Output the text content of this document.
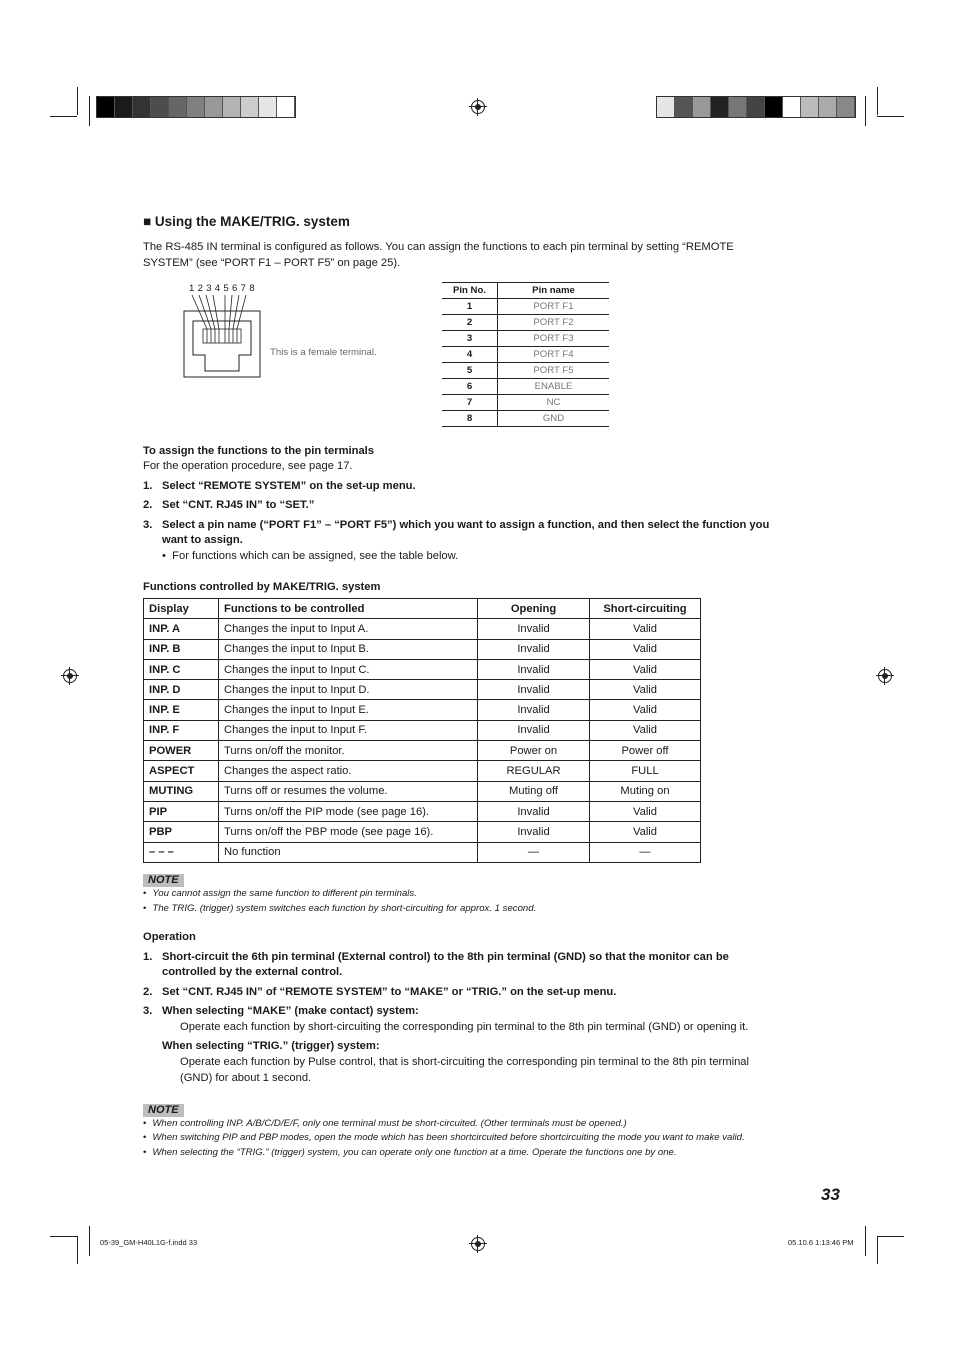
■ Using the MAKE/TRIG. system
The RS-485 IN terminal is configured as follows. You can assign the functions to each pin terminal by setting “REMOTE
SYSTEM” (see “PORT F1 – PORT F5” on page 25).
1 2 3 4 5 6 7 8
This is a female terminal.
Pin No.	Pin name
1	PORT F1
2	PORT F2
3	PORT F3
4	PORT F4
5	PORT F5
6	ENABLE
7	NC
8	GND
To assign the functions to the pin terminals
For the operation procedure, see page 17.
1. Select “REMOTE SYSTEM” on the set-up menu.
2. Set “CNT. RJ45 IN” to “SET.”
3. Select a pin name (“PORT F1” – “PORT F5”) which you want to assign a function, and then select the function you
want to assign.
•  For functions which can be assigned, see the table below.
Functions controlled by MAKE/TRIG. system
Display	Functions to be controlled	Opening	Short-circuiting
INP. A	Changes the input to Input A.	Invalid	Valid
INP. B	Changes the input to Input B.	Invalid	Valid
INP. C	Changes the input to Input C.	Invalid	Valid
INP. D	Changes the input to Input D.	Invalid	Valid
INP. E	Changes the input to Input E.	Invalid	Valid
INP. F	Changes the input to Input F.	Invalid	Valid
POWER	Turns on/off the monitor.	Power on	Power off
ASPECT	Changes the aspect ratio.	REGULAR	FULL
MUTING	Turns off or resumes the volume.	Muting off	Muting on
PIP	Turns on/off the PIP mode (see page 16).	Invalid	Valid
PBP	Turns on/off the PBP mode (see page 16).	Invalid	Valid
– – –	No function	—	—
NOTE
• You cannot assign the same function to different pin terminals.
• The TRIG. (trigger) system switches each function by short-circuiting for approx. 1 second.
Operation
1. Short-circuit the 6th pin terminal (External control) to the 8th pin terminal (GND) so that the monitor can be
controlled by the external control.
2. Set “CNT. RJ45 IN” of “REMOTE SYSTEM” to “MAKE” or “TRIG.” on the set-up menu.
3. When selecting “MAKE” (make contact) system:
Operate each function by short-circuiting the corresponding pin terminal to the 8th pin terminal (GND) or opening it.
When selecting “TRIG.” (trigger) system:
Operate each function by Pulse control, that is short-circuiting the corresponding pin terminal to the 8th pin terminal
(GND) for about 1 second.
NOTE
• When controlling INP. A/B/C/D/E/F, only one terminal must be short-circuited. (Other terminals must be opened.)
• When switching PIP and PBP modes, open the mode which has been shortcircuited before shortcircuiting the mode you want to make valid.
• When selecting the “TRIG.” (trigger) system, you can operate only one function at a time. Operate the functions one by one.
33
05-39_GM-H40L1G-f.indd 33	05.10.6 1:13:46 PM
